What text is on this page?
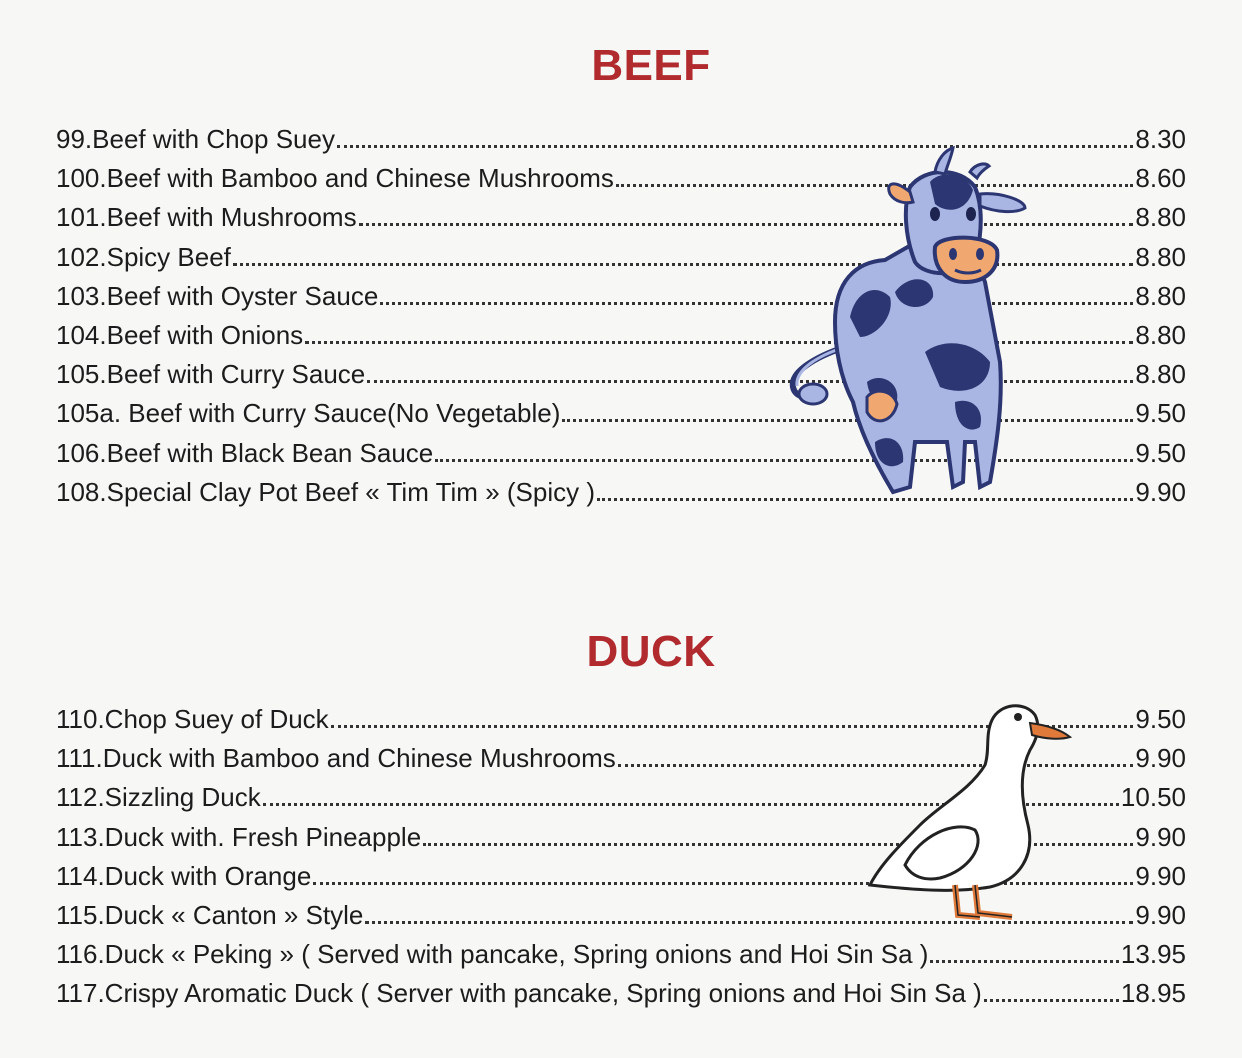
BEEF
99.Beef with Chop Suey	8.30
100.Beef with Bamboo and Chinese Mushrooms	8.60
101.Beef with Mushrooms	8.80
102.Spicy Beef	8.80
103.Beef with Oyster Sauce	8.80
104.Beef with Onions	8.80
105.Beef with Curry Sauce	8.80
105a. Beef with Curry Sauce(No Vegetable)	9.50
106.Beef with Black Bean Sauce	9.50
108.Special Clay Pot Beef « Tim Tim » (Spicy )	9.90
DUCK
110.Chop Suey of Duck	9.50
111.Duck with Bamboo and Chinese Mushrooms	9.90
112.Sizzling Duck	10.50
113.Duck with. Fresh Pineapple	9.90
114.Duck with Orange	9.90
115.Duck « Canton » Style	9.90
116.Duck « Peking » ( Served with pancake, Spring onions and Hoi Sin Sa )	13.95
117.Crispy Aromatic Duck ( Server with pancake, Spring onions and Hoi Sin Sa )	18.95
